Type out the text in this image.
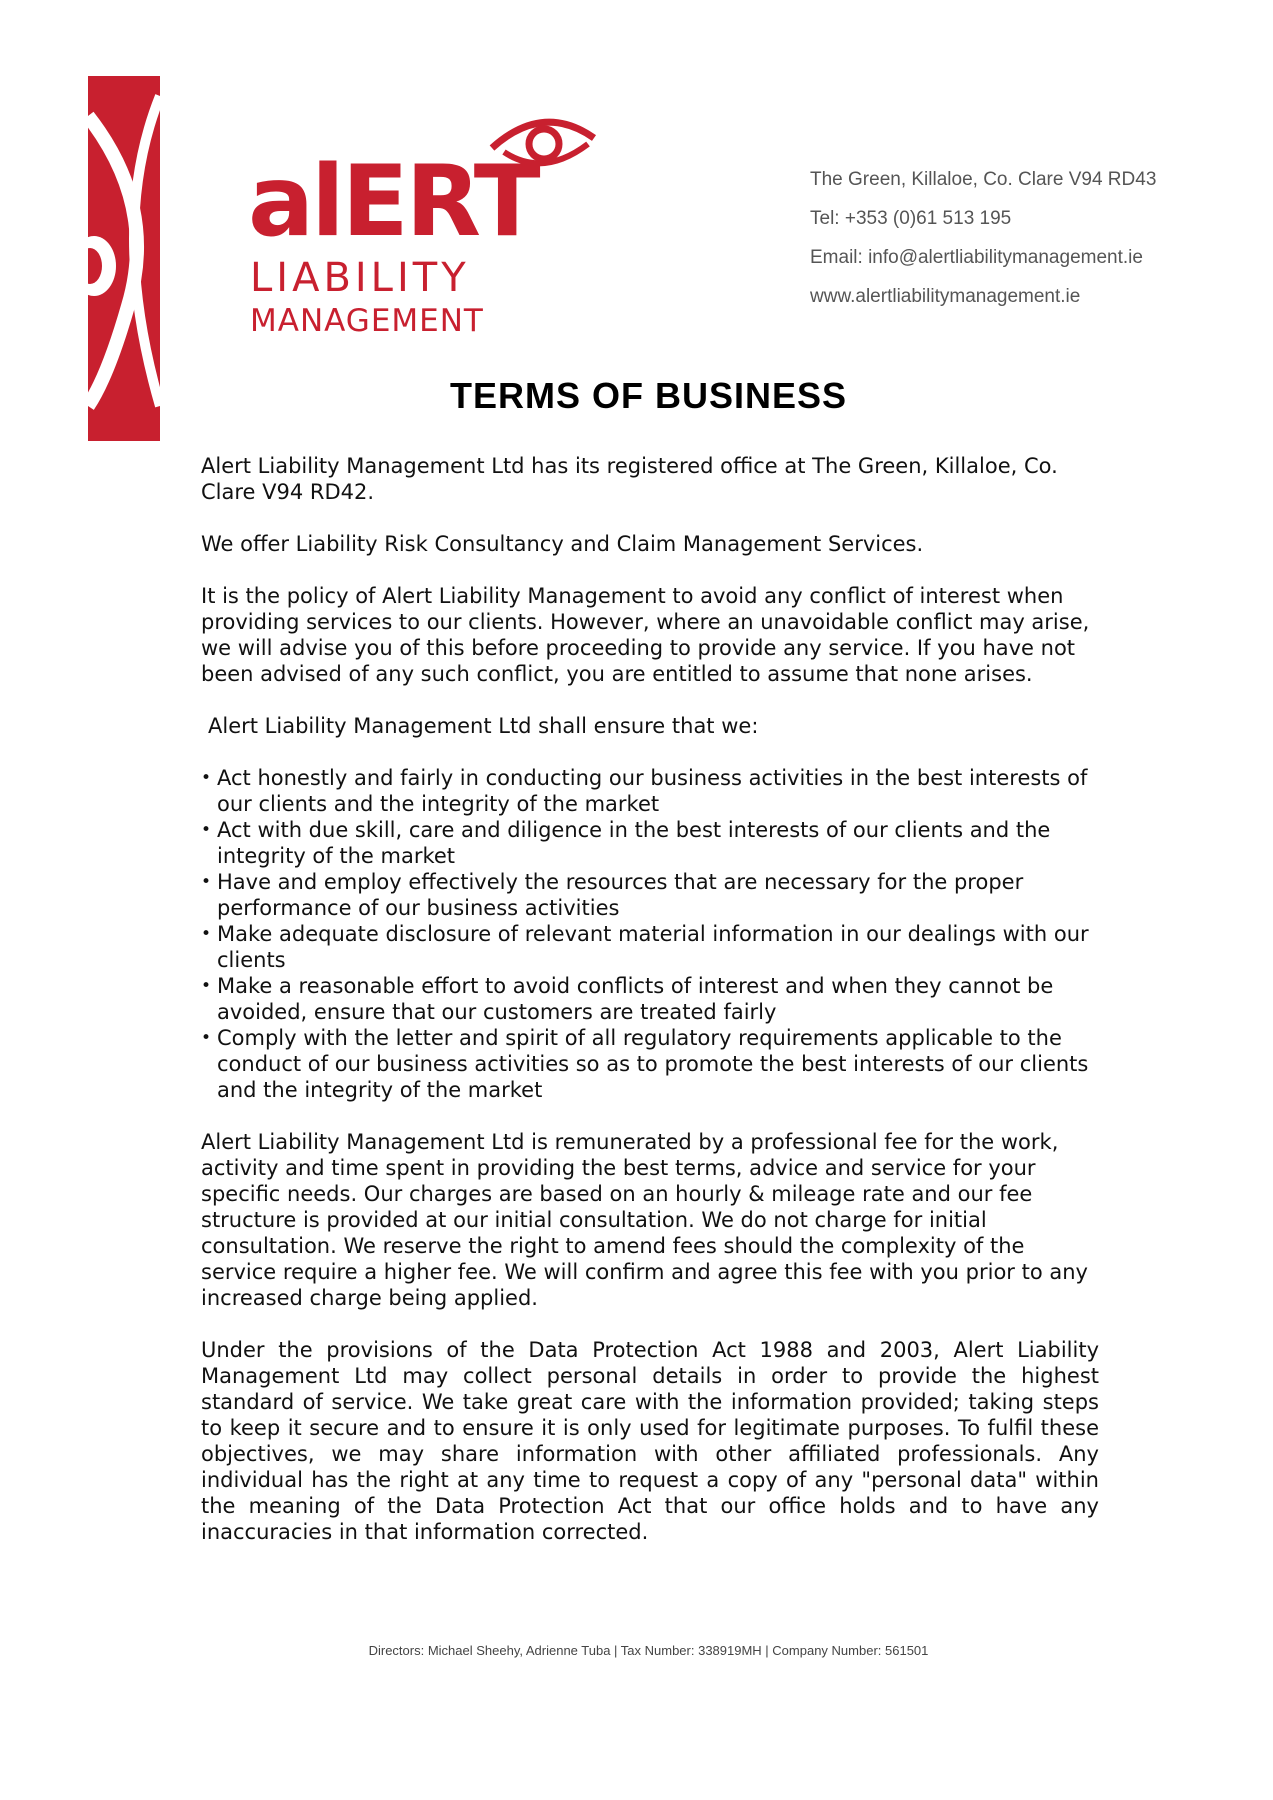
alERT
LIABILITY
MANAGEMENT
The Green, Killaloe, Co. Clare V94 RD43
Tel: +353 (0)61 513 195
Email: info@alertliabilitymanagement.ie
www.alertliabilitymanagement.ie
TERMS OF BUSINESS

Alert Liability Management Ltd has its registered office at The Green, Killaloe, Co. Clare V94 RD42.

We offer Liability Risk Consultancy and Claim Management Services.

It is the policy of Alert Liability Management to avoid any conflict of interest when providing services to our clients. However, where an unavoidable conflict may arise, we will advise you of this before proceeding to provide any service. If you have not been advised of any such conflict, you are entitled to assume that none arises.

Alert Liability Management Ltd shall ensure that we:

• Act honestly and fairly in conducting our business activities in the best interests of our clients and the integrity of the market
• Act with due skill, care and diligence in the best interests of our clients and the integrity of the market
• Have and employ effectively the resources that are necessary for the proper performance of our business activities
• Make adequate disclosure of relevant material information in our dealings with our clients
• Make a reasonable effort to avoid conflicts of interest and when they cannot be avoided, ensure that our customers are treated fairly
• Comply with the letter and spirit of all regulatory requirements applicable to the conduct of our business activities so as to promote the best interests of our clients and the integrity of the market

Alert Liability Management Ltd is remunerated by a professional fee for the work, activity and time spent in providing the best terms, advice and service for your specific needs. Our charges are based on an hourly & mileage rate and our fee structure is provided at our initial consultation. We do not charge for initial consultation. We reserve the right to amend fees should the complexity of the service require a higher fee. We will confirm and agree this fee with you prior to any increased charge being applied.

Under the provisions of the Data Protection Act 1988 and 2003, Alert Liability Management Ltd may collect personal details in order to provide the highest standard of service. We take great care with the information provided; taking steps to keep it secure and to ensure it is only used for legitimate purposes. To fulfil these objectives, we may share information with other affiliated professionals. Any individual has the right at any time to request a copy of any "personal data" within the meaning of the Data Protection Act that our office holds and to have any inaccuracies in that information corrected.

Directors: Michael Sheehy, Adrienne Tuba | Tax Number: 338919MH | Company Number: 561501
